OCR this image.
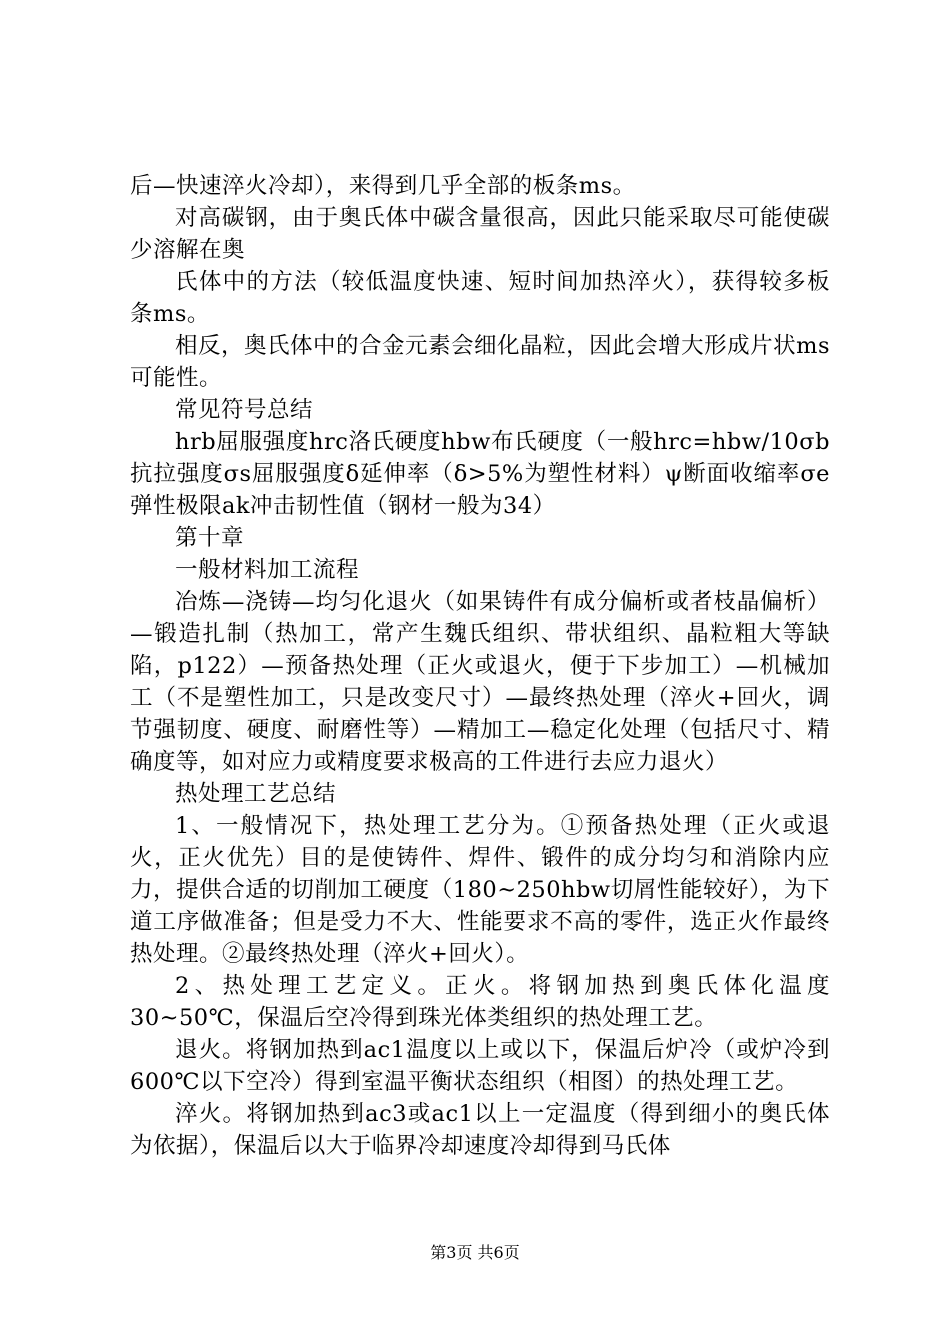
后—快速淬火冷却），来得到几乎全部的板条ms。

对高碳钢，由于奥氏体中碳含量很高，因此只能采取尽可能使碳少溶解在奥

氏体中的方法（较低温度快速、短时间加热淬火），获得较多板条ms。

相反，奥氏体中的合金元素会细化晶粒，因此会增大形成片状ms可能性。

常见符号总结

hrb屈服强度hrc洛氏硬度hbw布氏硬度（一般hrc=hbw/10σb抗拉强度σs屈服强度δ延伸率（δ>5%为塑性材料）ψ断面收缩率σe弹性极限ak冲击韧性值（钢材一般为34）

第十章

一般材料加工流程

冶炼—浇铸—均匀化退火（如果铸件有成分偏析或者枝晶偏析）—锻造扎制（热加工，常产生魏氏组织、带状组织、晶粒粗大等缺陷，p122）—预备热处理（正火或退火，便于下步加工）—机械加工（不是塑性加工，只是改变尺寸）—最终热处理（淬火+回火，调节强韧度、硬度、耐磨性等）—精加工—稳定化处理（包括尺寸、精确度等，如对应力或精度要求极高的工件进行去应力退火）

热处理工艺总结

1、一般情况下，热处理工艺分为。①预备热处理（正火或退火，正火优先）目的是使铸件、焊件、锻件的成分均匀和消除内应力，提供合适的切削加工硬度（180~250hbw切屑性能较好），为下道工序做准备；但是受力不大、性能要求不高的零件，选正火作最终热处理。②最终热处理（淬火+回火）。

2、热处理工艺定义。正火。将钢加热到奥氏体化温度30~50℃，保温后空冷得到珠光体类组织的热处理工艺。

退火。将钢加热到ac1温度以上或以下，保温后炉冷（或炉冷到600℃以下空冷）得到室温平衡状态组织（相图）的热处理工艺。

淬火。将钢加热到ac3或ac1以上一定温度（得到细小的奥氏体为依据），保温后以大于临界冷却速度冷却得到马氏体

第3页 共6页
